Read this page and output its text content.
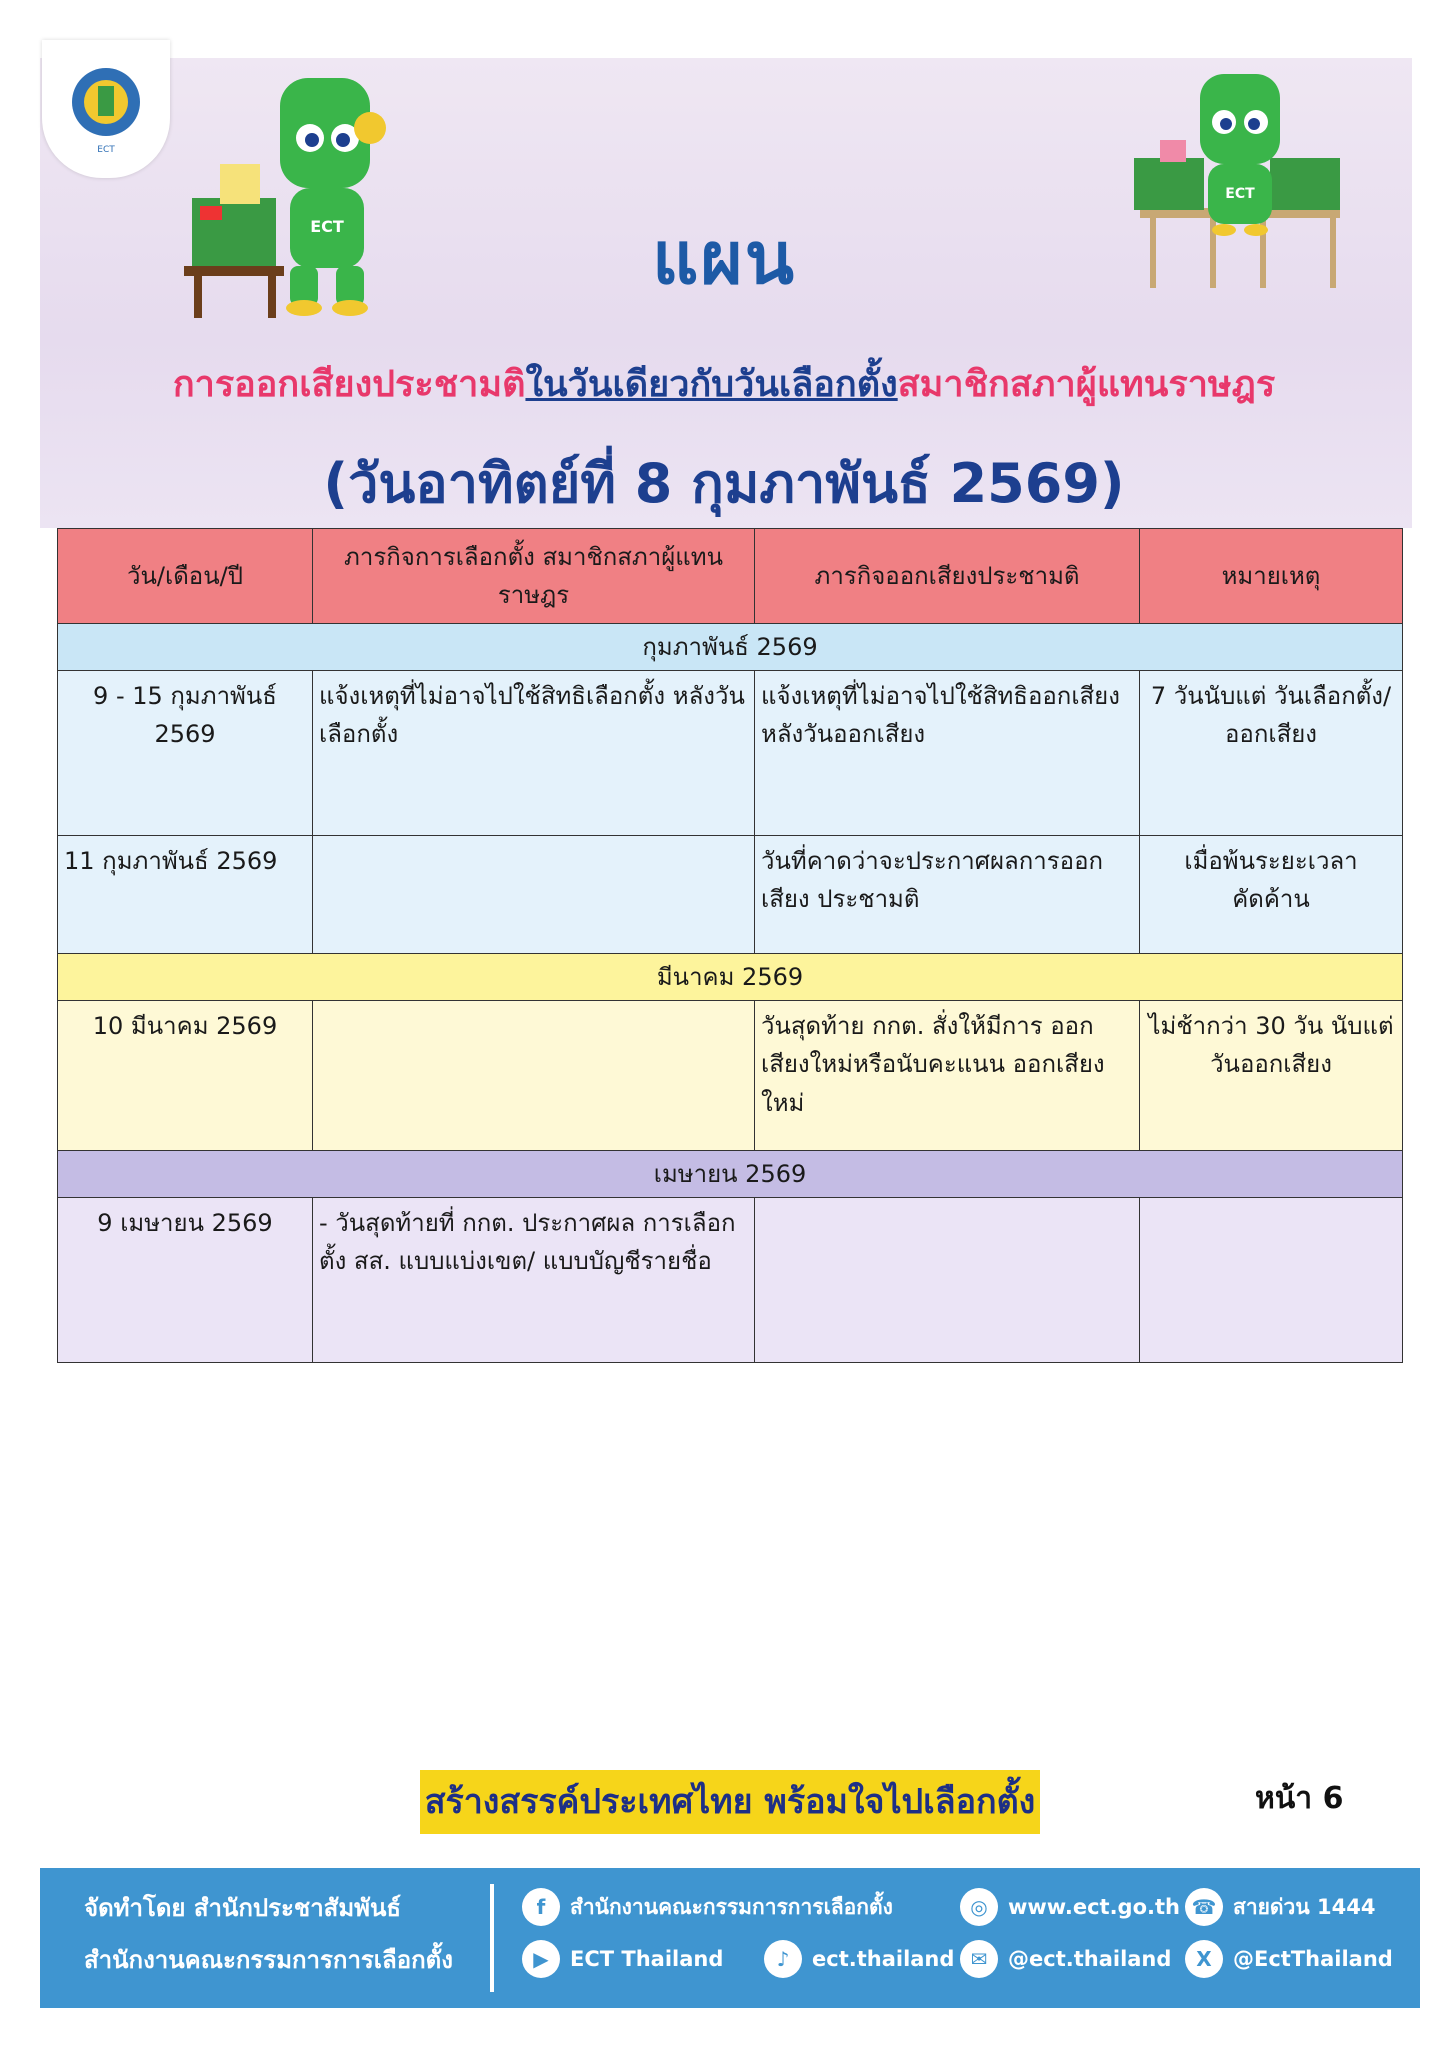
ECT
ECT
ECT
แผน
การออกเสียงประชามติในวันเดียวกับวันเลือกตั้งสมาชิกสภาผู้แทนราษฎร
(วันอาทิตย์ที่ 8 กุมภาพันธ์ 2569)
วัน/เดือน/ปี	ภารกิจการเลือกตั้ง สมาชิกสภาผู้แทนราษฎร	ภารกิจออกเสียงประชามติ	หมายเหตุ
กุมภาพันธ์ 2569			
9 - 15 กุมภาพันธ์ 2569	แจ้งเหตุที่ไม่อาจไปใช้สิทธิเลือกตั้ง หลังวันเลือกตั้ง	แจ้งเหตุที่ไม่อาจไปใช้สิทธิออกเสียง หลังวันออกเสียง	7 วันนับแต่ วันเลือกตั้ง/ ออกเสียง
11 กุมภาพันธ์ 2569		วันที่คาดว่าจะประกาศผลการออกเสียง ประชามติ	เมื่อพ้นระยะเวลา คัดค้าน
มีนาคม 2569			
10 มีนาคม 2569		วันสุดท้าย กกต. สั่งให้มีการ ออกเสียงใหม่หรือนับคะแนน ออกเสียงใหม่	ไม่ช้ากว่า 30 วัน นับแต่วันออกเสียง
เมษายน 2569			
9 เมษายน 2569	- วันสุดท้ายที่ กกต. ประกาศผล การเลือกตั้ง สส. แบบแบ่งเขต/ แบบบัญชีรายชื่อ		
สร้างสรรค์ประเทศไทย พร้อมใจไปเลือกตั้ง	หน้า 6
จัดทำโดย สำนักประชาสัมพันธ์
สำนักงานคณะกรรมการการเลือกตั้ง
f	สำนักงานคณะกรรมการการเลือกตั้ง
▶	ECT Thailand	♪	ect.thailand
◎ www.ect.go.th
✉ @ect.thailand
☎ สายด่วน 1444
X	@EctThailand
